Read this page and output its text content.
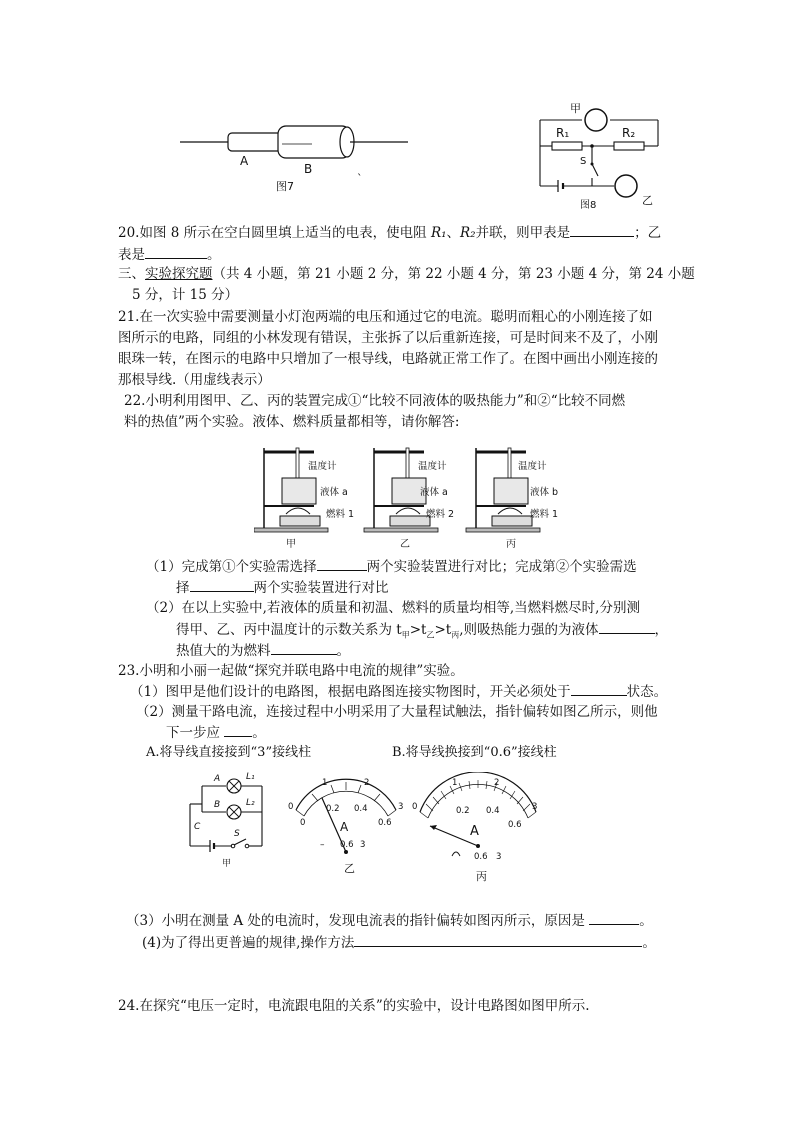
A
B
图7
`
甲
R₁	R₂
S
乙
图8
20.如图 8 所示在空白圆里填上适当的电表，使电阻 R₁、R₂并联，则甲表是	；乙
表是	。
三、实验探究题（共 4 小题，第 21 小题 2 分，第 22 小题 4 分，第 23 小题 4 分，第 24 小题
5 分，计 15 分）
21.在一次实验中需要测量小灯泡两端的电压和通过它的电流。聪明而粗心的小刚连接了如
图所示的电路，同组的小林发现有错误，主张拆了以后重新连接，可是时间来不及了，小刚
眼珠一转，在图示的电路中只增加了一根导线，电路就正常工作了。在图中画出小刚连接的
那根导线.（用虚线表示）
22.小明利用图甲、乙、丙的装置完成①“比较不同液体的吸热能力”和②“比较不同燃
料的热值”两个实验。液体、燃料质量都相等，请你解答:
温度计
液体 a
燃料 1
温度计
液体 a
燃料 2
温度计
液体 b
燃料 1
甲	乙	丙
（1）完成第①个实验需选择	两个实验装置进行对比；完成第②个实验需选
择	两个实验装置进行对比
（2）在以上实验中,若液体的质量和初温、燃料的质量均相等,当燃料燃尽时,分别测
得甲、乙、丙中温度计的示数关系为 $t_甲>t_乙>t_丙$,则吸热能力强的为液体	，
热值大的为燃料	。
23.小明和小丽一起做“探究并联电路中电流的规律”实验。
（1）图甲是他们设计的电路图，根据电路图连接实物图时，开关必须处于	状态。
（2）测量干路电流，连接过程中小明采用了大量程试触法，指针偏转如图乙所示，则他
下一步应 。
A.将导线直接接到“3”接线柱	B.将导线换接到“0.6”接线柱
A	L₁
B	L₂
C
S
甲
0
1	2
3
0
0.2 0.4
0.6
A
– 0.6 3
乙
0
1	2
3
0.2 0.4
0.6
A
0.6 3
丙
（3）小明在测量 A 处的电流时，发现电流表的指针偏转如图丙所示，原因是	。
(4)为了得出更普遍的规律,操作方法	。
24.在探究“电压一定时，电流跟电阻的关系”的实验中，设计电路图如图甲所示.
